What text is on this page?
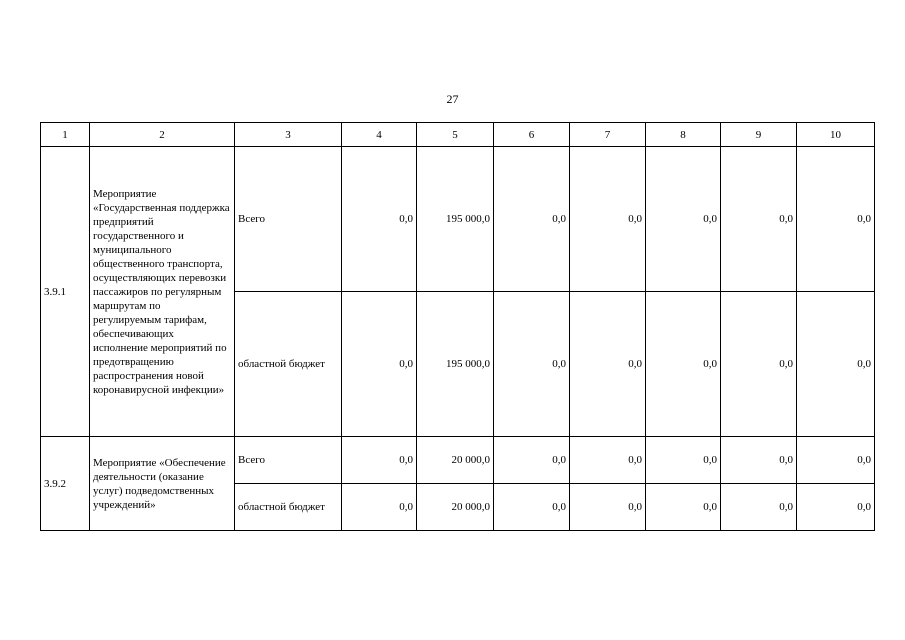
27
1	2	3	4	5	6	7	8	9	10
3.9.1	Мероприятие «Государственная поддержка предприятий государственного и муниципального общественного транспорта, осуществляющих перевозки пассажиров по регулярным маршрутам по регулируемым тарифам, обеспечивающих исполнение мероприятий по предотвращению распространения новой коронавирусной инфекции»	Всего	0,0	195 000,0	0,0	0,0	0,0	0,0	0,0
		областной бюджет	0,0	195 000,0	0,0	0,0	0,0	0,0	0,0
3.9.2	Мероприятие «Обеспечение деятельности (оказание услуг) подведомственных учреждений»	Всего	0,0	20 000,0	0,0	0,0	0,0	0,0	0,0
		областной бюджет	0,0	20 000,0	0,0	0,0	0,0	0,0	0,0
